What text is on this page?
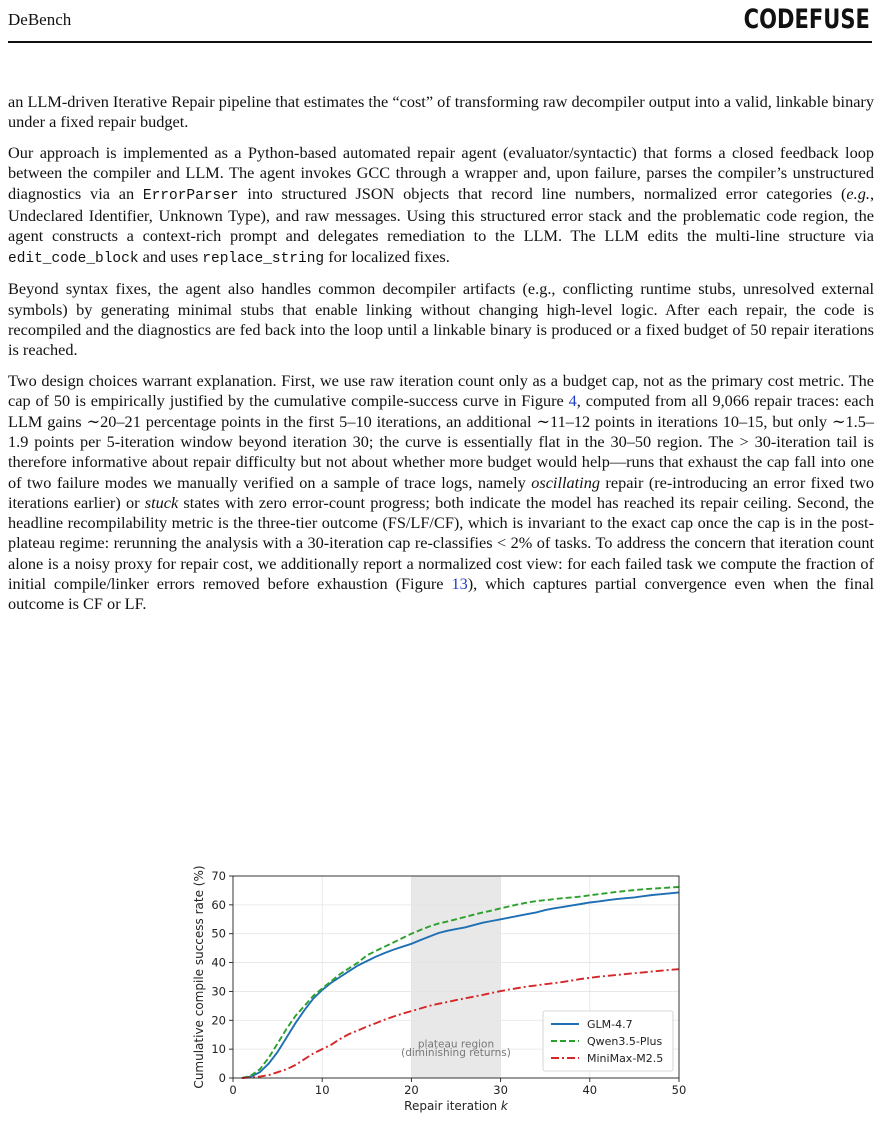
DeBench	CODEFUSE

an LLM-driven Iterative Repair pipeline that estimates the “cost” of transforming raw decompiler output into a valid, linkable binary under a fixed repair budget.

Our approach is implemented as a Python-based automated repair agent (evaluator/syntactic) that forms a closed feedback loop between the compiler and LLM. The agent invokes GCC through a wrapper and, upon failure, parses the compiler’s unstructured diagnostics via an ErrorParser into structured JSON objects that record line numbers, normalized error categories (e.g., Undeclared Identifier, Unknown Type), and raw messages. Using this structured error stack and the problematic code region, the agent constructs a context-rich prompt and delegates remediation to the LLM. The LLM edits the multi-line structure via edit_code_block and uses replace_string for localized fixes.

Beyond syntax fixes, the agent also handles common decompiler artifacts (e.g., conflicting runtime stubs, unresolved external symbols) by generating minimal stubs that enable linking without changing high-level logic. After each repair, the code is recompiled and the diagnostics are fed back into the loop until a linkable binary is produced or a fixed budget of 50 repair iterations is reached.

Two design choices warrant explanation. First, we use raw iteration count only as a budget cap, not as the primary cost metric. The cap of 50 is empirically justified by the cumulative compile-success curve in Figure 4, computed from all 9,066 repair traces: each LLM gains ∼20–21 percentage points in the first 5–10 iterations, an additional ∼11–12 points in iterations 10–15, but only ∼1.5–1.9 points per 5-iteration window beyond iteration 30; the curve is essentially flat in the 30–50 region. The > 30-iteration tail is therefore informative about repair difficulty but not about whether more budget would help—runs that exhaust the cap fall into one of two failure modes we manually verified on a sample of trace logs, namely oscillating repair (re-introducing an error fixed two iterations earlier) or stuck states with zero error-count progress; both indicate the model has reached its repair ceiling. Second, the headline recompilability metric is the three-tier outcome (FS/LF/CF), which is invariant to the exact cap once the cap is in the post-plateau regime: rerunning the analysis with a 30-iteration cap re-classifies < 2% of tasks. To address the concern that iteration count alone is a noisy proxy for repair cost, we additionally report a normalized cost view: for each failed task we compute the fraction of initial compile/linker errors removed before exhaustion (Figure 13), which captures partial convergence even when the final outcome is CF or LF.

plateau region
(diminishing returns)
0	10	20	30	40	50
0
10
20
30
40
50
60
70
Repair iteration k
Cumulative compile success rate (%)	GLM-4.7
Qwen3.5-Plus
MiniMax-M2.5
